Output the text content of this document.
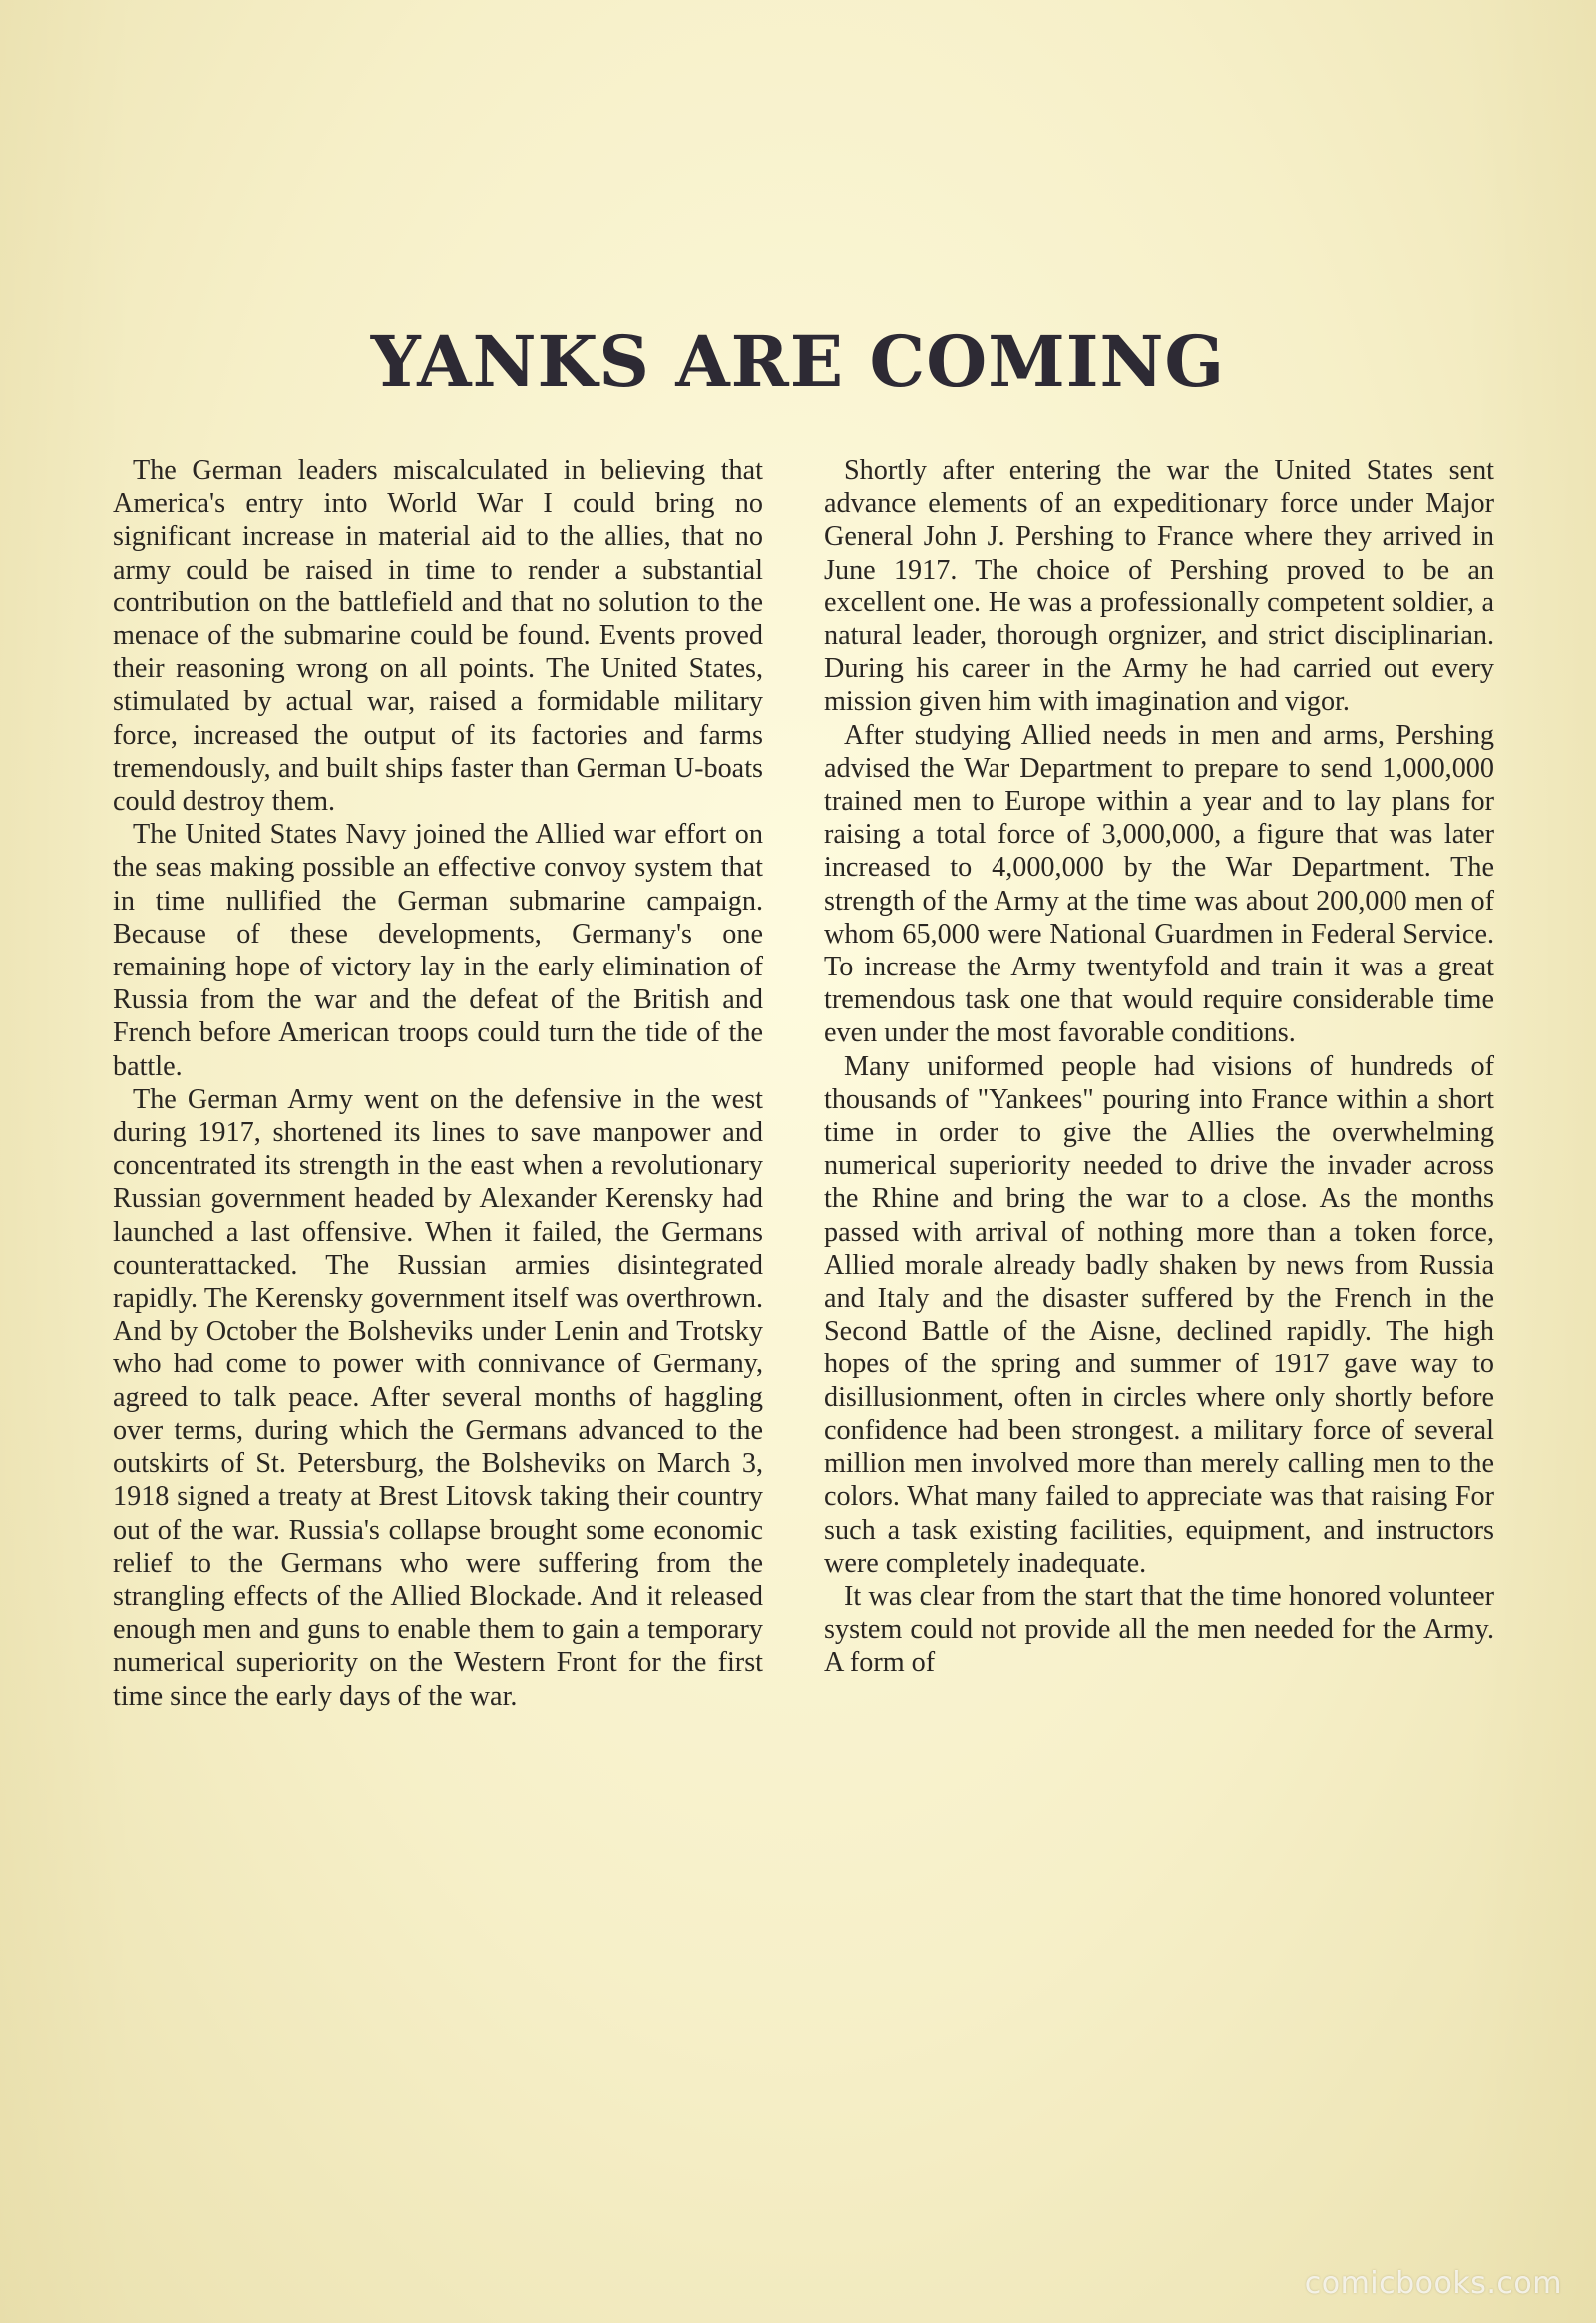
YANKS ARE COMING

The German leaders miscalculated in believing that America's entry into World War I could bring no significant increase in material aid to the allies, that no army could be raised in time to render a substantial contribution on the battlefield and that no solution to the menace of the submarine could be found. Events proved their reasoning wrong on all points. The United States, stimulated by actual war, raised a formidable military force, increased the output of its factories and farms tremendously, and built ships faster than German U-boats could destroy them.

The United States Navy joined the Allied war effort on the seas making possible an effective convoy system that in time nullified the German submarine campaign. Because of these developments, Germany's one remaining hope of victory lay in the early elimination of Russia from the war and the defeat of the British and French before American troops could turn the tide of the battle.

The German Army went on the defensive in the west during 1917, shortened its lines to save manpower and concentrated its strength in the east when a revolutionary Russian government headed by Alexander Kerensky had launched a last offensive. When it failed, the Germans counterattacked. The Russian armies disintegrated rapidly. The Kerensky government itself was overthrown. And by October the Bolsheviks under Lenin and Trotsky who had come to power with connivance of Germany, agreed to talk peace. After several months of haggling over terms, during which the Germans advanced to the outskirts of St. Petersburg, the Bolsheviks on March 3, 1918 signed a treaty at Brest Litovsk taking their country out of the war. Russia's collapse brought some economic relief to the Germans who were suffering from the strangling effects of the Allied Blockade. And it released enough men and guns to enable them to gain a temporary numerical superiority on the Western Front for the first time since the early days of the war.

Shortly after entering the war the United States sent advance elements of an expeditionary force under Major General John J. Pershing to France where they arrived in June 1917. The choice of Pershing proved to be an excellent one. He was a professionally competent soldier, a natural leader, thorough orgnizer, and strict disciplinarian. During his career in the Army he had carried out every mission given him with imagination and vigor.

After studying Allied needs in men and arms, Pershing advised the War Department to prepare to send 1,000,000 trained men to Europe within a year and to lay plans for raising a total force of 3,000,000, a figure that was later increased to 4,000,000 by the War Department. The strength of the Army at the time was about 200,000 men of whom 65,000 were National Guardmen in Federal Service. To increase the Army twentyfold and train it was a great tremendous task one that would require considerable time even under the most favorable conditions.

Many uniformed people had visions of hundreds of thousands of "Yankees" pouring into France within a short time in order to give the Allies the overwhelming numerical superiority needed to drive the invader across the Rhine and bring the war to a close. As the months passed with arrival of nothing more than a token force, Allied morale already badly shaken by news from Russia and Italy and the disaster suffered by the French in the Second Battle of the Aisne, declined rapidly. The high hopes of the spring and summer of 1917 gave way to disillusionment, often in circles where only shortly before confidence had been strongest. a military force of several million men involved more than merely calling men to the colors. What many failed to appreciate was that raising For such a task existing facilities, equipment, and instructors were completely inadequate.

It was clear from the start that the time honored volunteer system could not provide all the men needed for the Army. A form of

comicbooks.com
